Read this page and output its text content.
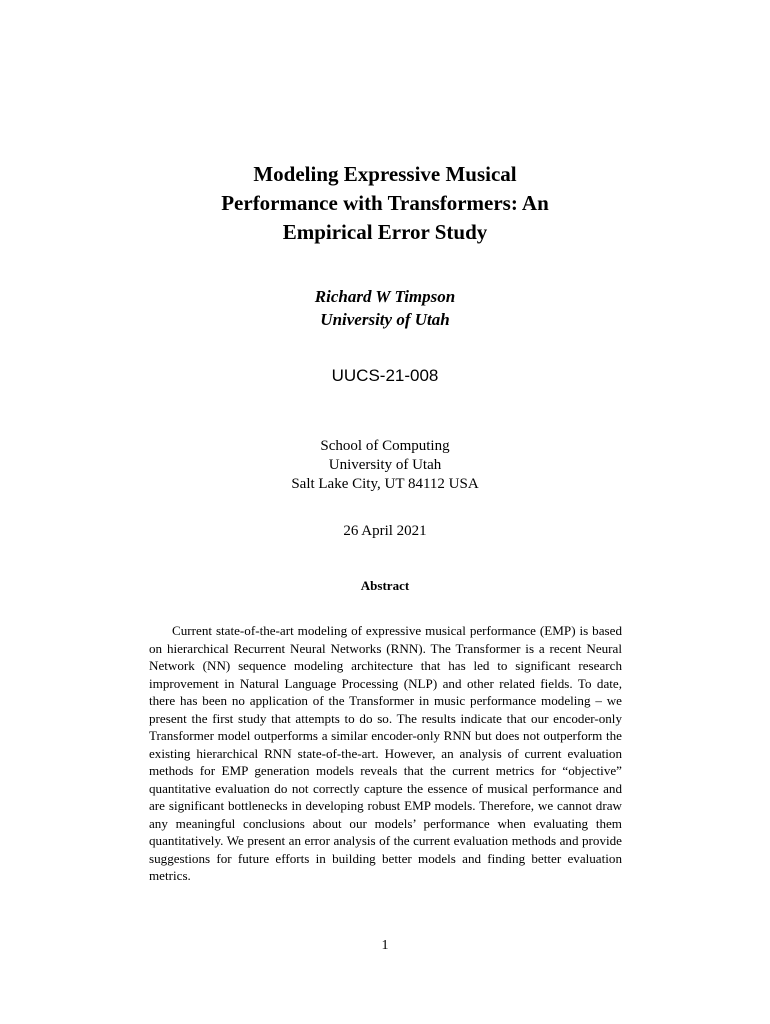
Modeling Expressive Musical
Performance with Transformers: An
Empirical Error Study
Richard W Timpson
University of Utah
UUCS-21-008
School of Computing
University of Utah
Salt Lake City, UT 84112 USA
26 April 2021
Abstract
Current state-of-the-art modeling of expressive musical performance (EMP) is based on hierarchical Recurrent Neural Networks (RNN). The Transformer is a recent Neural Network (NN) sequence modeling architecture that has led to significant research improvement in Natural Language Processing (NLP) and other related fields. To date, there has been no application of the Transformer in music performance modeling – we present the first study that attempts to do so. The results indicate that our encoder-only Transformer model outperforms a similar encoder-only RNN but does not outperform the existing hierarchical RNN state-of-the-art. However, an analysis of current evaluation methods for EMP generation models reveals that the current metrics for “objective” quantitative evaluation do not correctly capture the essence of musical performance and are significant bottlenecks in developing robust EMP models. Therefore, we cannot draw any meaningful conclusions about our models’ performance when evaluating them quantitatively. We present an error analysis of the current evaluation methods and provide suggestions for future efforts in building better models and finding better evaluation metrics.
1
